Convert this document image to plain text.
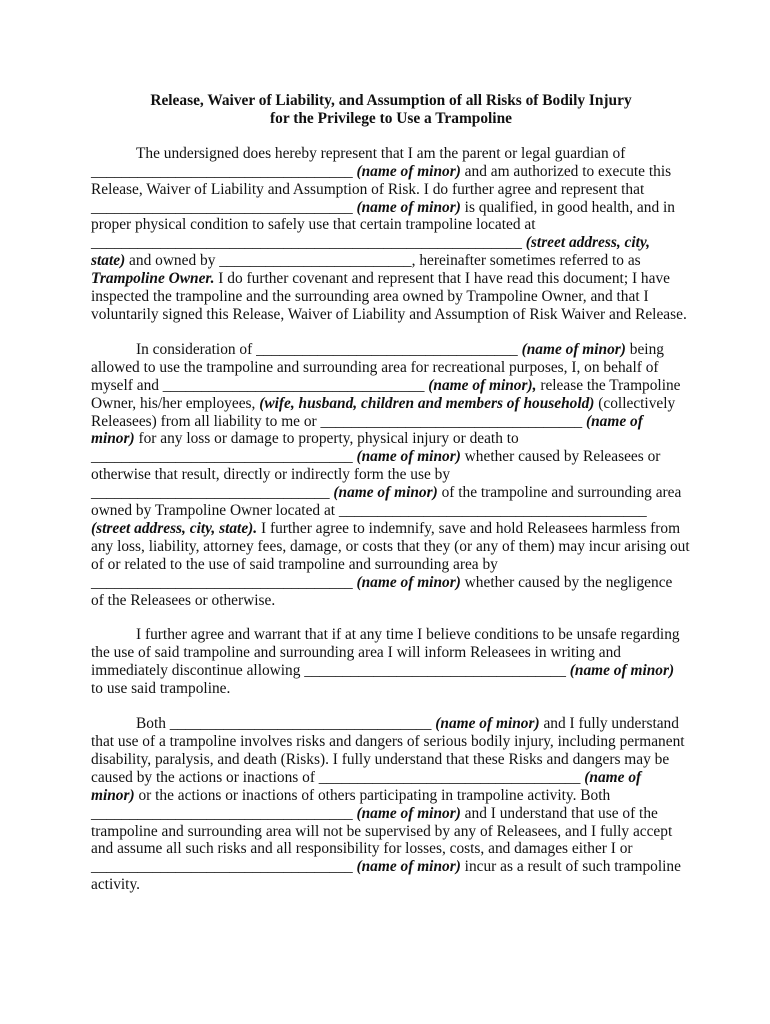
Release, Waiver of Liability, and Assumption of all Risks of Bodily Injury
for the Privilege to Use a Trampoline

The undersigned does hereby represent that I am the parent or legal guardian of
__________________________________ (name of minor) and am authorized to execute this
Release, Waiver of Liability and Assumption of Risk. I do further agree and represent that
__________________________________ (name of minor) is qualified, in good health, and in
proper physical condition to safely use that certain trampoline located at
________________________________________________________ (street address, city,
state) and owned by _________________________, hereinafter sometimes referred to as
Trampoline Owner. I do further covenant and represent that I have read this document; I have
inspected the trampoline and the surrounding area owned by Trampoline Owner, and that I
voluntarily signed this Release, Waiver of Liability and Assumption of Risk Waiver and Release.

In consideration of __________________________________ (name of minor) being
allowed to use the trampoline and surrounding area for recreational purposes, I, on behalf of
myself and __________________________________ (name of minor), release the Trampoline
Owner, his/her employees, (wife, husband, children and members of household) (collectively
Releasees) from all liability to me or __________________________________ (name of
minor) for any loss or damage to property, physical injury or death to
__________________________________ (name of minor) whether caused by Releasees or
otherwise that result, directly or indirectly form the use by
_______________________________ (name of minor) of the trampoline and surrounding area
owned by Trampoline Owner located at ________________________________________
(street address, city, state). I further agree to indemnify, save and hold Releasees harmless from
any loss, liability, attorney fees, damage, or costs that they (or any of them) may incur arising out
of or related to the use of said trampoline and surrounding area by
__________________________________ (name of minor) whether caused by the negligence
of the Releasees or otherwise.

I further agree and warrant that if at any time I believe conditions to be unsafe regarding
the use of said trampoline and surrounding area I will inform Releasees in writing and
immediately discontinue allowing __________________________________ (name of minor)
to use said trampoline.

Both __________________________________ (name of minor) and I fully understand
that use of a trampoline involves risks and dangers of serious bodily injury, including permanent
disability, paralysis, and death (Risks). I fully understand that these Risks and dangers may be
caused by the actions or inactions of __________________________________ (name of
minor) or the actions or inactions of others participating in trampoline activity. Both
__________________________________ (name of minor) and I understand that use of the
trampoline and surrounding area will not be supervised by any of Releasees, and I fully accept
and assume all such risks and all responsibility for losses, costs, and damages either I or
__________________________________ (name of minor) incur as a result of such trampoline
activity.
